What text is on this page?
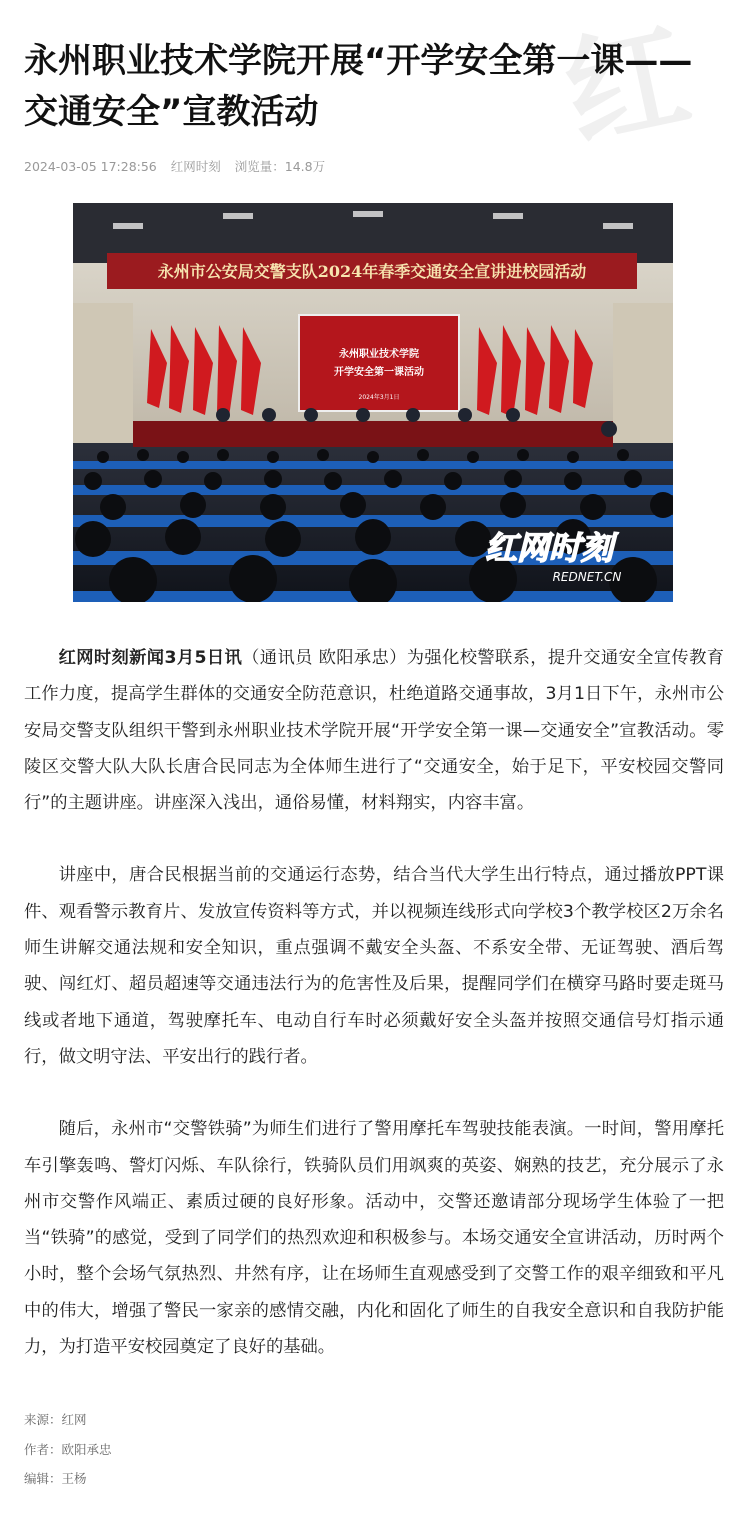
红
永州职业技术学院开展“开学安全第一课——交通安全”宣教活动
2024-03-05 17:28:56 红网时刻 浏览量：14.8万
永州市公安局交警支队2024年春季交通安全宣讲进校园活动
永州职业技术学院
开学安全第一课活动
2024年3月1日
红网时刻
REDNET.CN

红网时刻新闻3月5日讯（通讯员 欧阳承忠）为强化校警联系，提升交通安全宣传教育工作力度，提高学生群体的交通安全防范意识，杜绝道路交通事故，3月1日下午，永州市公安局交警支队组织干警到永州职业技术学院开展“开学安全第一课—交通安全”宣教活动。零陵区交警大队大队长唐合民同志为全体师生进行了“交通安全，始于足下，平安校园交警同行”的主题讲座。讲座深入浅出，通俗易懂，材料翔实，内容丰富。

讲座中，唐合民根据当前的交通运行态势，结合当代大学生出行特点，通过播放PPT课件、观看警示教育片、发放宣传资料等方式，并以视频连线形式向学校3个教学校区2万余名师生讲解交通法规和安全知识，重点强调不戴安全头盔、不系安全带、无证驾驶、酒后驾驶、闯红灯、超员超速等交通违法行为的危害性及后果，提醒同学们在横穿马路时要走斑马线或者地下通道，驾驶摩托车、电动自行车时必须戴好安全头盔并按照交通信号灯指示通行，做文明守法、平安出行的践行者。

随后，永州市“交警铁骑”为师生们进行了警用摩托车驾驶技能表演。一时间，警用摩托车引擎轰鸣、警灯闪烁、车队徐行，铁骑队员们用飒爽的英姿、娴熟的技艺，充分展示了永州市交警作风端正、素质过硬的良好形象。活动中，交警还邀请部分现场学生体验了一把当“铁骑”的感觉，受到了同学们的热烈欢迎和积极参与。本场交通安全宣讲活动，历时两个小时，整个会场气氛热烈、井然有序，让在场师生直观感受到了交警工作的艰辛细致和平凡中的伟大，增强了警民一家亲的感情交融，内化和固化了师生的自我安全意识和自我防护能力，为打造平安校园奠定了良好的基础。

来源：红网
作者：欧阳承忠
编辑：王杨
